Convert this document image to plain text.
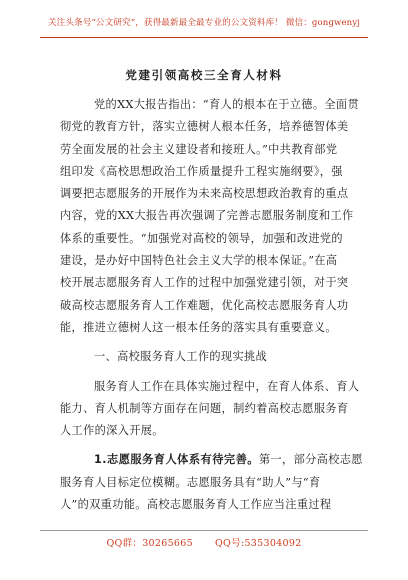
关注头条号“公文研究”，获得最新最全最专业的公文资料库！ 微信：gongwenyj
党建引领高校三全育人材料
党的XX大报告指出：“育人的根本在于立德。全面贯
彻党的教育方针，落实立德树人根本任务，培养德智体美
劳全面发展的社会主义建设者和接班人。”中共教育部党
组印发《高校思想政治工作质量提升工程实施纲要》，强
调要把志愿服务的开展作为未来高校思想政治教育的重点
内容，党的XX大报告再次强调了完善志愿服务制度和工作
体系的重要性。“加强党对高校的领导，加强和改进党的
建设，是办好中国特色社会主义大学的根本保证。”在高
校开展志愿服务育人工作的过程中加强党建引领，对于突
破高校志愿服务育人工作难题，优化高校志愿服务育人功
能，推进立德树人这一根本任务的落实具有重要意义。
一、高校服务育人工作的现实挑战
服务育人工作在具体实施过程中，在育人体系、育人
能力、育人机制等方面存在问题，制约着高校志愿服务育
人工作的深入开展。
1.志愿服务育人体系有待完善。第一，部分高校志愿
服务育人目标定位模糊。志愿服务具有“助人”与“育
人”的双重功能。高校志愿服务育人工作应当注重过程
QQ群：30265665 QQ号:535304092
